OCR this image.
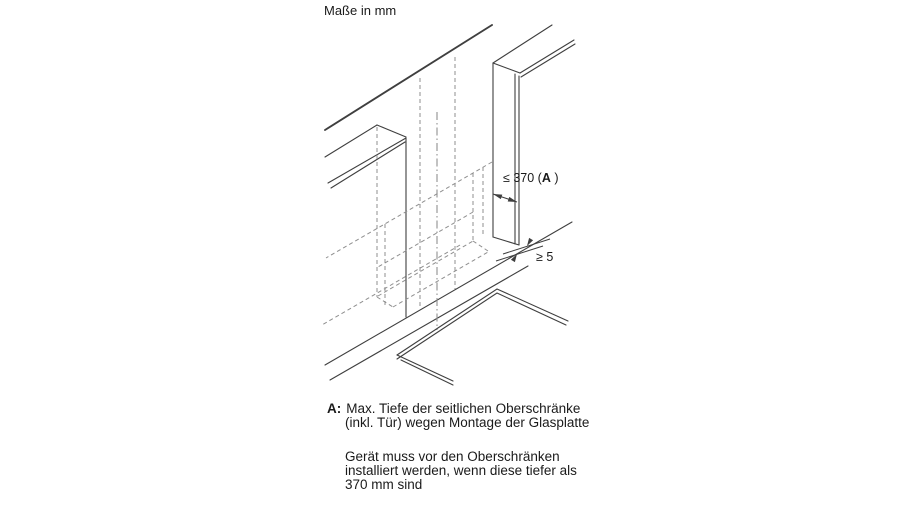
Maße in mm
≤ 370 (A )
≥ 5
A: Max. Tiefe der seitlichen Oberschränke
(inkl. Tür) wegen Montage der Glasplatte
Gerät muss vor den Oberschränken
installiert werden, wenn diese tiefer als
370 mm sind
